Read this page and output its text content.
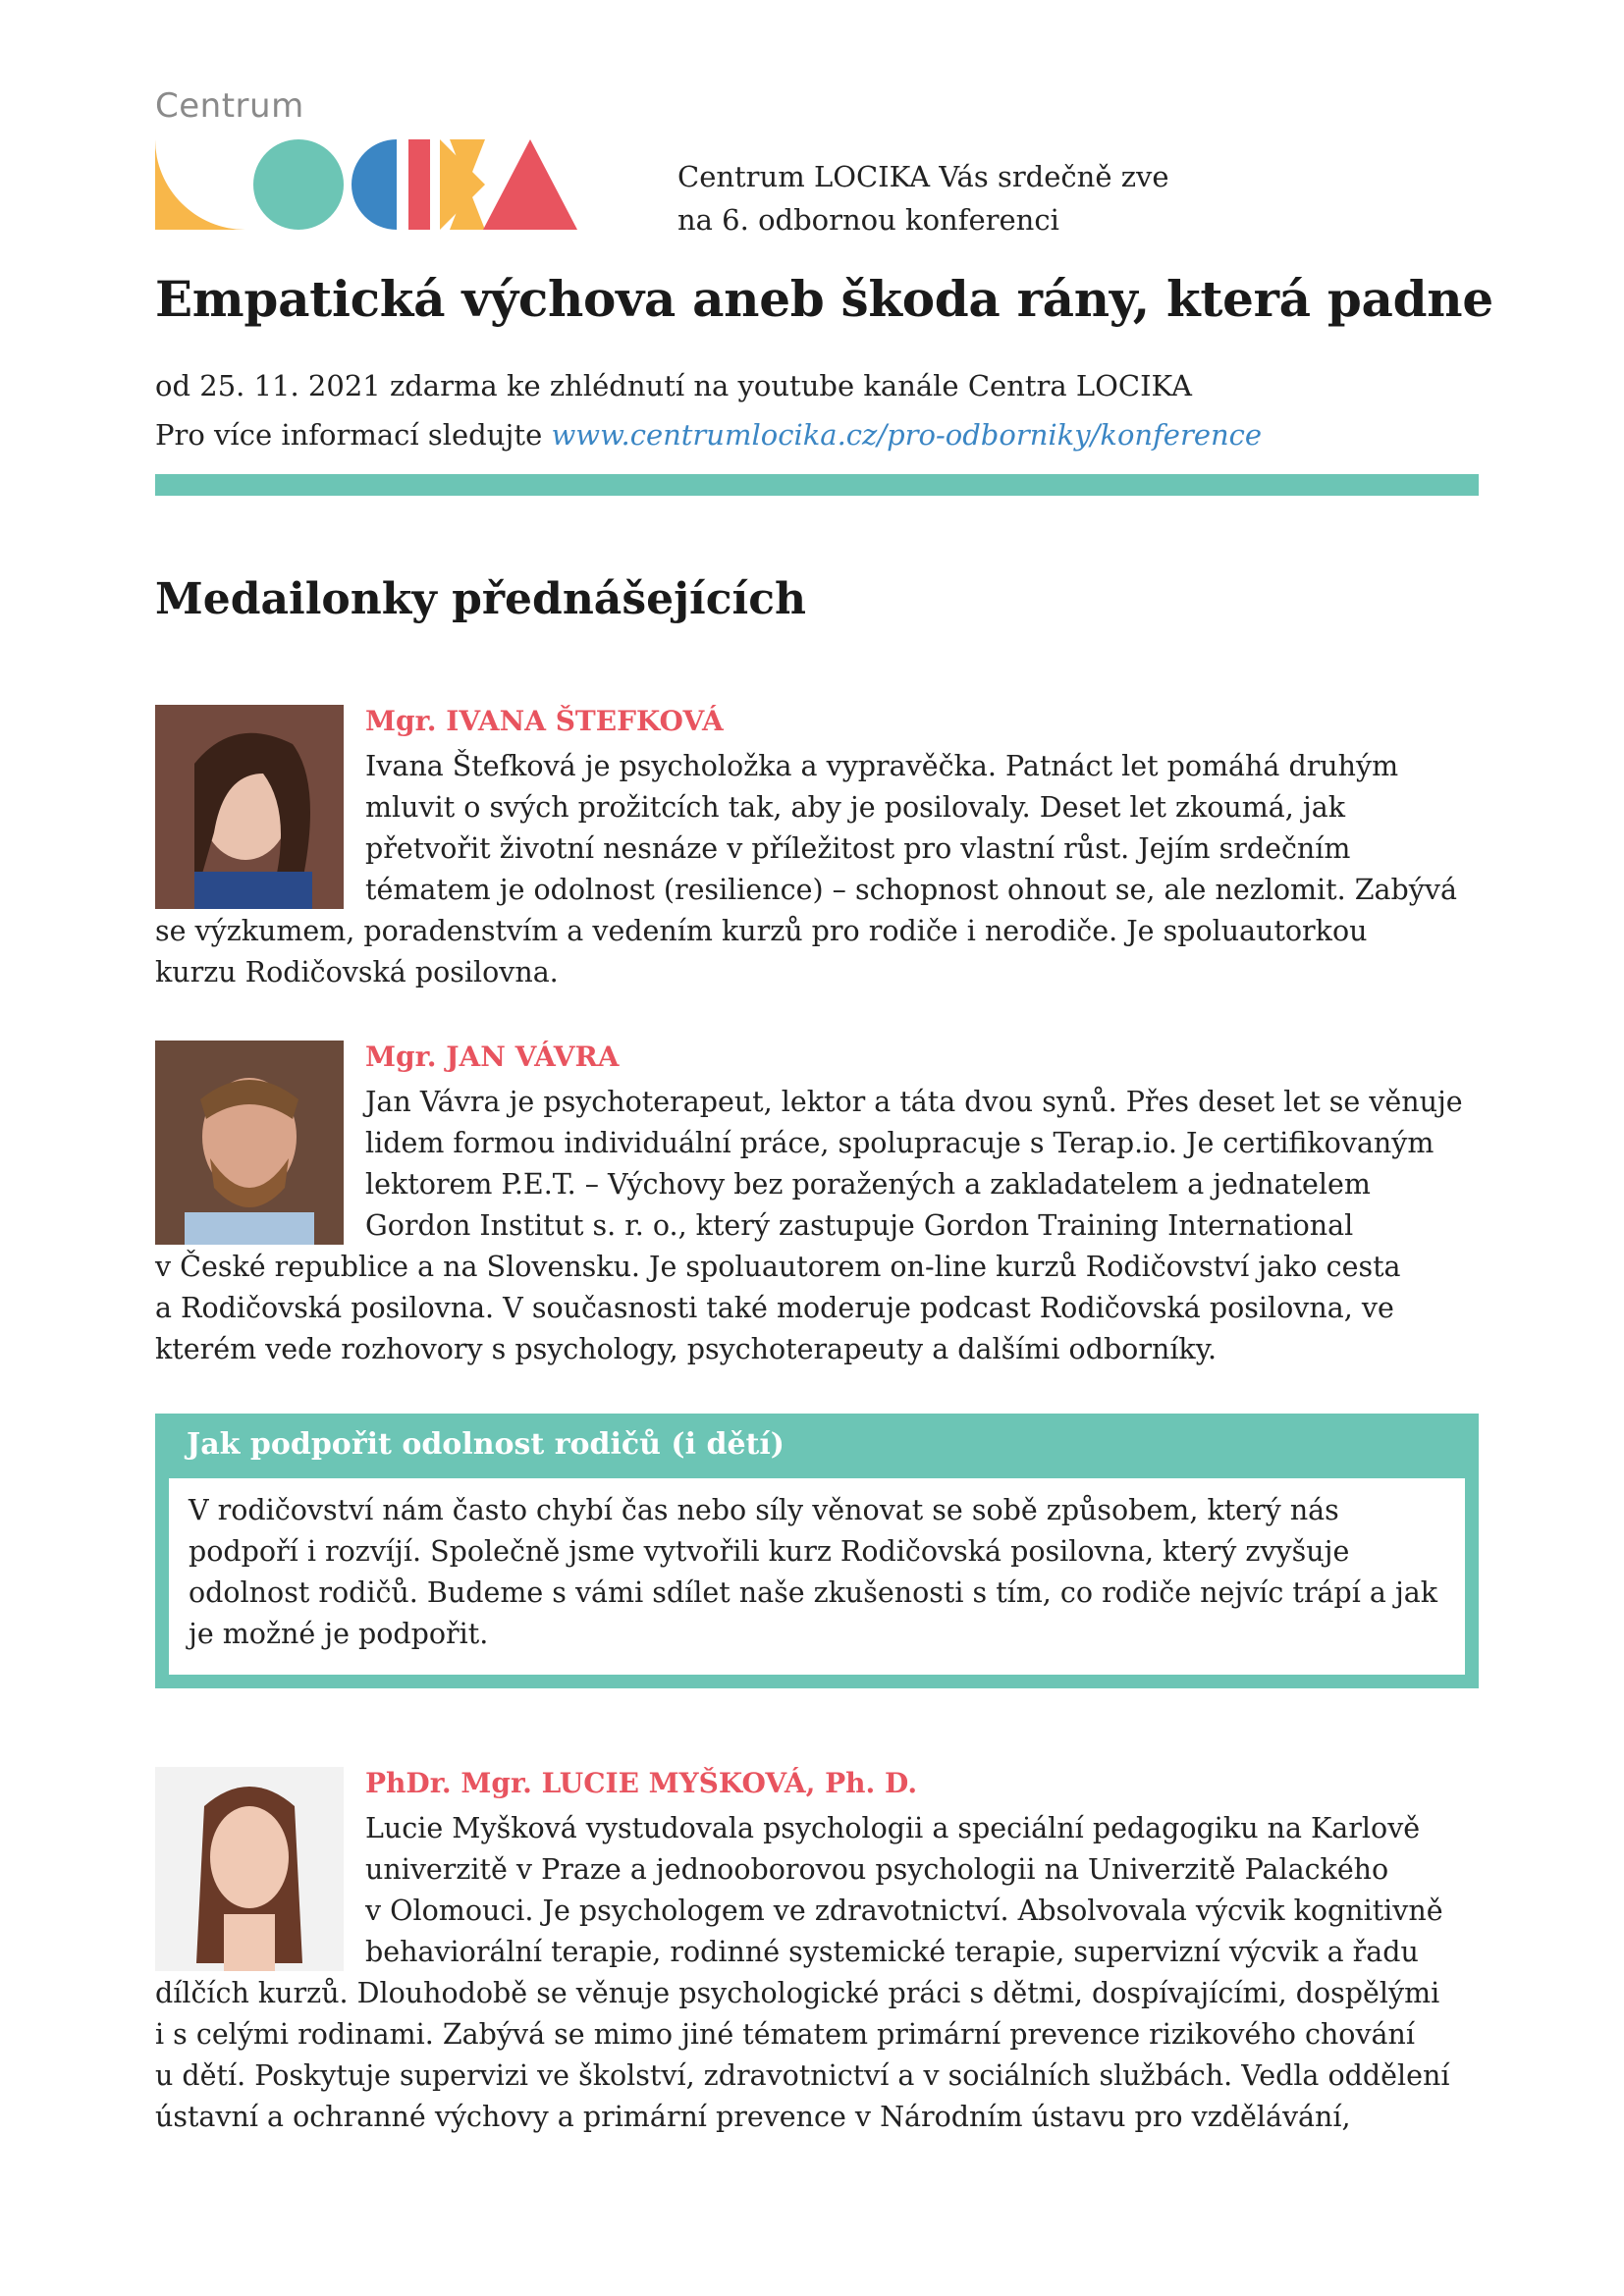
Centrum
Centrum LOCIKA Vás srdečně zve
na 6. odbornou konferenci
Empatická výchova aneb škoda rány, která padne
od 25. 11. 2021 zdarma ke zhlédnutí na youtube kanále Centra LOCIKA
Pro více informací sledujte www.centrumlocika.cz/pro-odborniky/konference
Medailonky přednášejících
Mgr. IVANA ŠTEFKOVÁ
Ivana Štefková je psycholožka a vypravěčka. Patnáct let pomáhá druhým
mluvit o svých prožitcích tak, aby je posilovaly. Deset let zkoumá, jak
přetvořit životní nesnáze v příležitost pro vlastní růst. Jejím srdečním
tématem je odolnost (resilience) – schopnost ohnout se, ale nezlomit. Zabývá
se výzkumem, poradenstvím a vedením kurzů pro rodiče i nerodiče. Je spoluautorkou
kurzu Rodičovská posilovna.
Mgr. JAN VÁVRA
Jan Vávra je psychoterapeut, lektor a táta dvou synů. Přes deset let se věnuje
lidem formou individuální práce, spolupracuje s Terap.io. Je certifikovaným
lektorem P.E.T. – Výchovy bez poražených a zakladatelem a jednatelem
Gordon Institut s. r. o., který zastupuje Gordon Training International
v České republice a na Slovensku. Je spoluautorem on-line kurzů Rodičovství jako cesta
a Rodičovská posilovna. V současnosti také moderuje podcast Rodičovská posilovna, ve
kterém vede rozhovory s psychology, psychoterapeuty a dalšími odborníky.
Jak podpořit odolnost rodičů (i dětí)
V rodičovství nám často chybí čas nebo síly věnovat se sobě způsobem, který nás
podpoří i rozvíjí. Společně jsme vytvořili kurz Rodičovská posilovna, který zvyšuje
odolnost rodičů. Budeme s vámi sdílet naše zkušenosti s tím, co rodiče nejvíc trápí a jak
je možné je podpořit.
PhDr. Mgr. LUCIE MYŠKOVÁ, Ph. D.
Lucie Myšková vystudovala psychologii a speciální pedagogiku na Karlově
univerzitě v Praze a jednooborovou psychologii na Univerzitě Palackého
v Olomouci. Je psychologem ve zdravotnictví. Absolvovala výcvik kognitivně
behaviorální terapie, rodinné systemické terapie, supervizní výcvik a řadu
dílčích kurzů. Dlouhodobě se věnuje psychologické práci s dětmi, dospívajícími, dospělými
i s celými rodinami. Zabývá se mimo jiné tématem primární prevence rizikového chování
u dětí. Poskytuje supervizi ve školství, zdravotnictví a v sociálních službách. Vedla oddělení
ústavní a ochranné výchovy a primární prevence v Národním ústavu pro vzdělávání,
